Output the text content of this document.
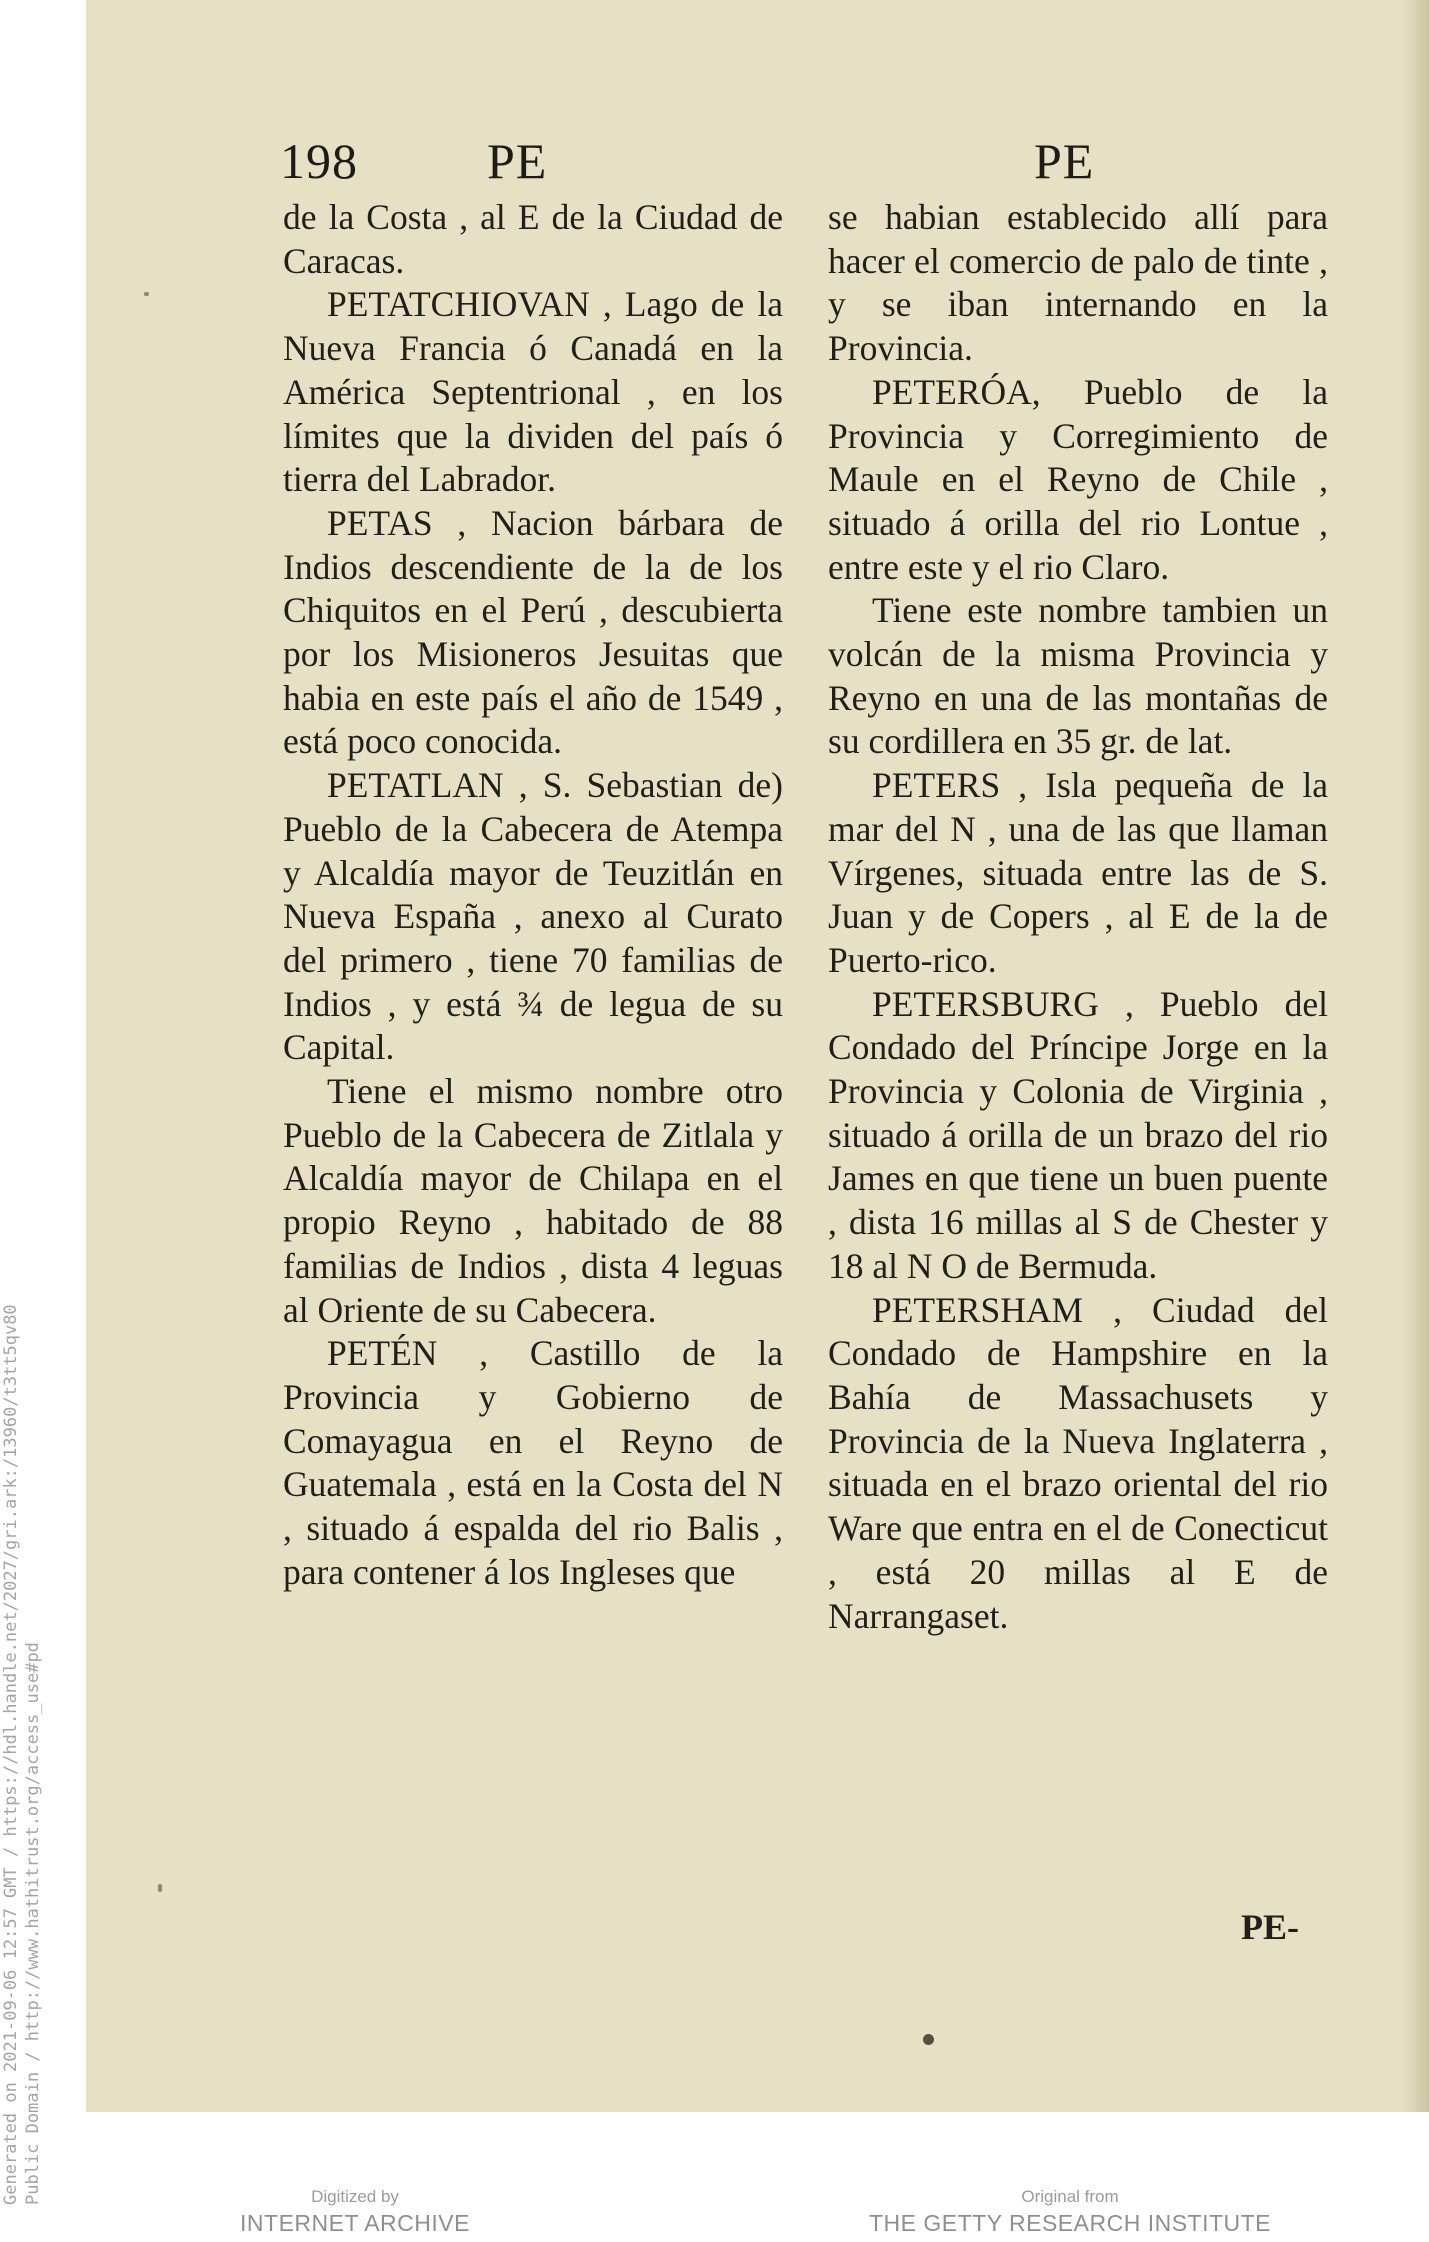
198	PE	PE

de la Costa , al E de la Ciudad de Caracas.

PETATCHIOVAN , Lago de la Nueva Francia ó Canadá en la América Septentrional , en los límites que la dividen del país ó tierra del Labrador.

PETAS , Nacion bárbara de Indios descendiente de la de los Chiquitos en el Perú , descubierta por los Misioneros Jesuitas que habia en este país el año de 1549 , está poco conocida.

PETATLAN , S. Sebastian de) Pueblo de la Cabecera de Atempa y Alcaldía mayor de Teuzitlán en Nueva España , anexo al Curato del primero , tiene 70 familias de Indios , y está ¾ de legua de su Capital.

Tiene el mismo nombre otro Pueblo de la Cabecera de Zitlala y Alcaldía mayor de Chilapa en el propio Reyno , habitado de 88 familias de Indios , dista 4 leguas al Oriente de su Cabecera.

PETÉN , Castillo de la Provincia y Gobierno de Comayagua en el Reyno de Guatemala , está en la Costa del N , situado á espalda del rio Balis , para contener á los Ingleses que

se habian establecido allí para hacer el comercio de palo de tinte , y se iban internando en la Provincia.

PETERÓA, Pueblo de la Provincia y Corregimiento de Maule en el Reyno de Chile , situado á orilla del rio Lontue , entre este y el rio Claro.

Tiene este nombre tambien un volcán de la misma Provincia y Reyno en una de las montañas de su cordillera en 35 gr. de lat.

PETERS , Isla pequeña de la mar del N , una de las que llaman Vírgenes, situada entre las de S. Juan y de Copers , al E de la de Puerto-rico.

PETERSBURG , Pueblo del Condado del Príncipe Jorge en la Provincia y Colonia de Virginia , situado á orilla de un brazo del rio James en que tiene un buen puente , dista 16 millas al S de Chester y 18 al N O de Bermuda.

PETERSHAM , Ciudad del Condado de Hampshire en la Bahía de Massachusets y Provincia de la Nueva Inglaterra , situada en el brazo oriental del rio Ware que entra en el de Conecticut , está 20 millas al E de Narrangaset.

PE-
Generated on 2021-09-06 12:57 GMT / https://hdl.handle.net/2027/gri.ark:/13960/t3tt5qv80 Public Domain / http://www.hathitrust.org/access_use#pd	Digitized by
INTERNET ARCHIVE
Original from
THE GETTY RESEARCH INSTITUTE
